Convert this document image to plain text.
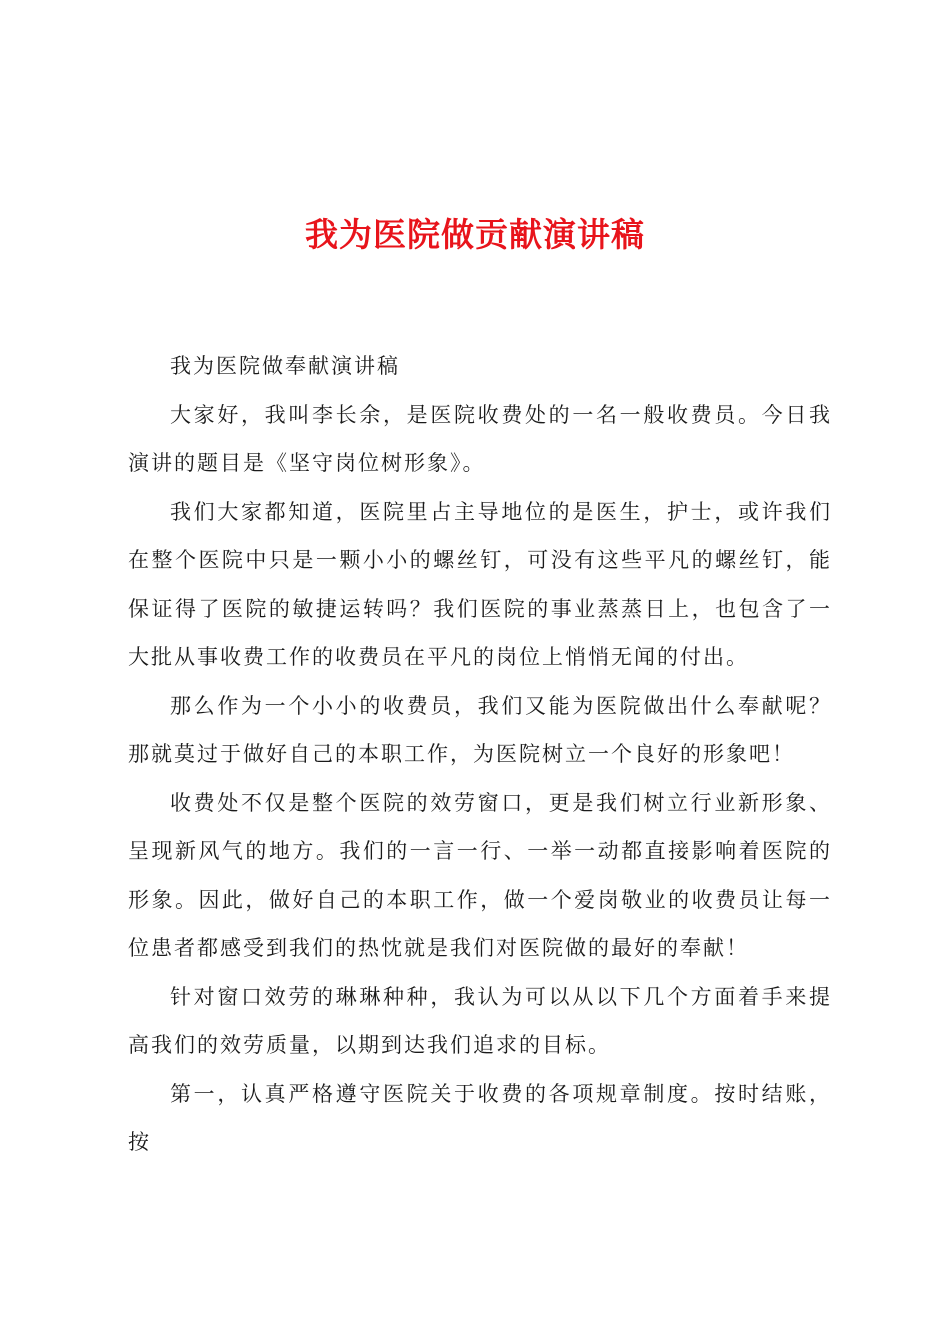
我为医院做贡献演讲稿

我为医院做奉献演讲稿

大家好，我叫李长余，是医院收费处的一名一般收费员。今日我演讲的题目是《坚守岗位树形象》。

我们大家都知道，医院里占主导地位的是医生，护士，或许我们在整个医院中只是一颗小小的螺丝钉，可没有这些平凡的螺丝钉，能保证得了医院的敏捷运转吗？我们医院的事业蒸蒸日上，也包含了一大批从事收费工作的收费员在平凡的岗位上悄悄无闻的付出。

那么作为一个小小的收费员，我们又能为医院做出什么奉献呢？那就莫过于做好自己的本职工作，为医院树立一个良好的形象吧！

收费处不仅是整个医院的效劳窗口，更是我们树立行业新形象、呈现新风气的地方。我们的一言一行、一举一动都直接影响着医院的形象。因此，做好自己的本职工作，做一个爱岗敬业的收费员让每一位患者都感受到我们的热忱就是我们对医院做的最好的奉献！

针对窗口效劳的琳琳种种，我认为可以从以下几个方面着手来提高我们的效劳质量，以期到达我们追求的目标。

第一，认真严格遵守医院关于收费的各项规章制度。按时结账，按
